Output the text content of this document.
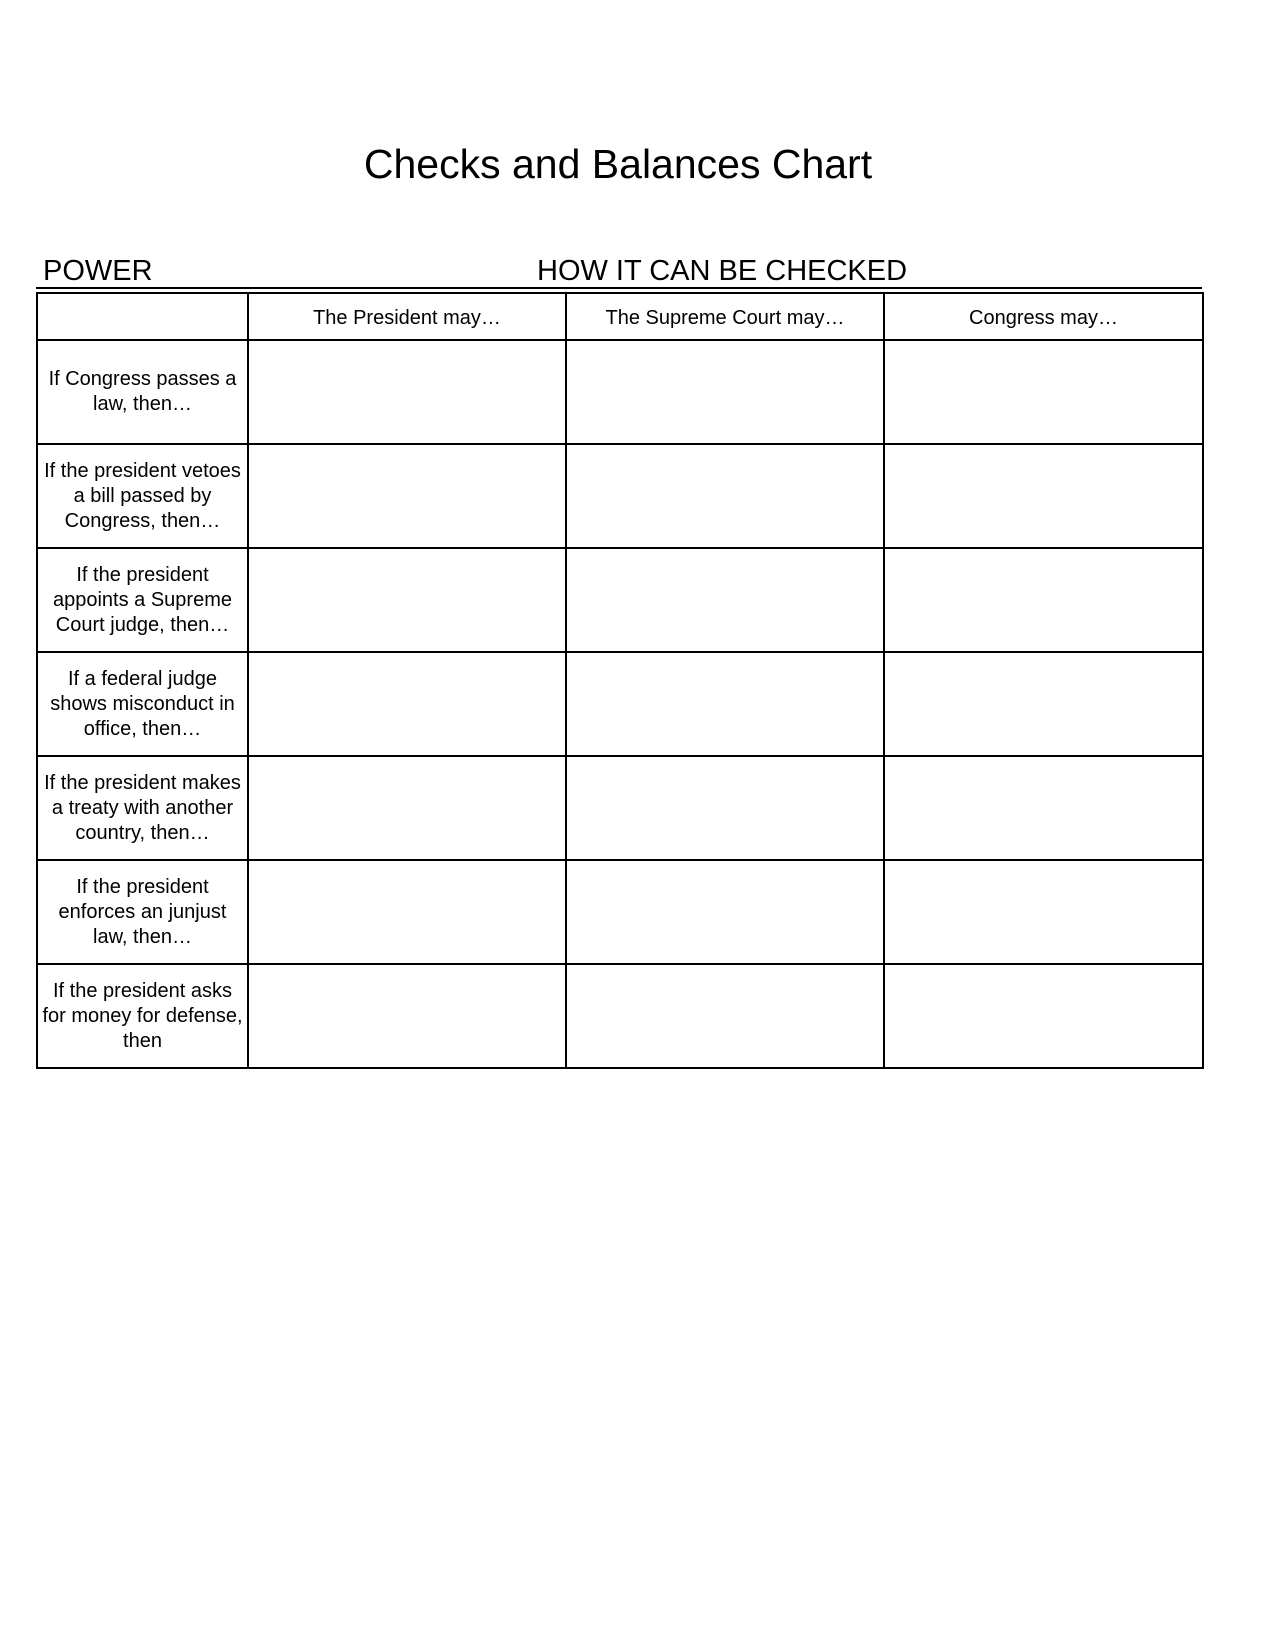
Checks and Balances Chart
POWER	HOW IT CAN BE CHECKED
	The President may…	The Supreme Court may…	Congress may…
If Congress passes a law, then…			
If the president vetoes a bill passed by Congress, then…			
If the president appoints a Supreme Court judge, then…			
If a federal judge shows misconduct in office, then…			
If the president makes a treaty with another country, then…			
If the president enforces an junjust law, then…			
If the president asks for money for defense, then			
